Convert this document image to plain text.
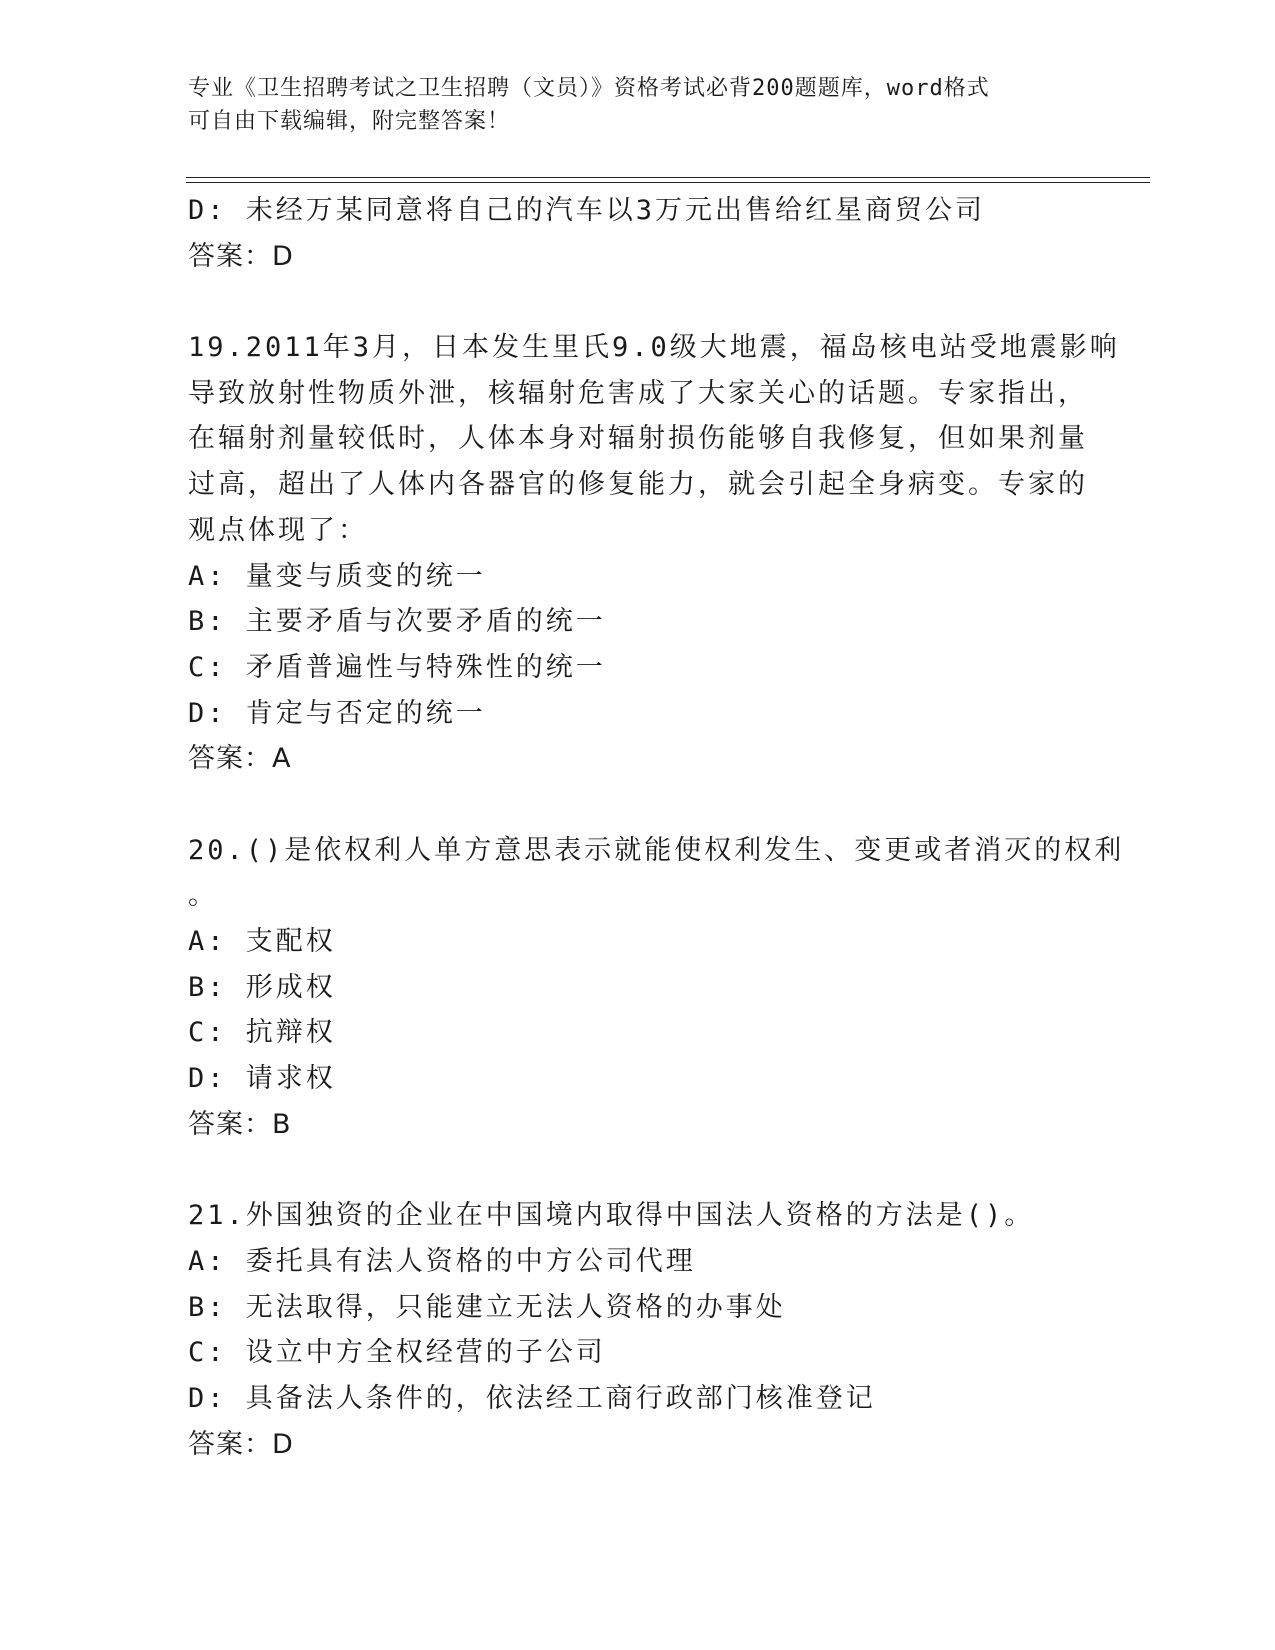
专业《卫生招聘考试之卫生招聘（文员）》资格考试必背200题题库，word格式
可自由下载编辑，附完整答案！
D: 未经万某同意将自己的汽车以3万元出售给红星商贸公司
答案：D
19.2011年3月，日本发生里氏9.0级大地震，福岛核电站受地震影响
导致放射性物质外泄，核辐射危害成了大家关心的话题。专家指出，
在辐射剂量较低时，人体本身对辐射损伤能够自我修复，但如果剂量
过高，超出了人体内各器官的修复能力，就会引起全身病变。专家的
观点体现了：
A: 量变与质变的统一
B: 主要矛盾与次要矛盾的统一
C: 矛盾普遍性与特殊性的统一
D: 肯定与否定的统一
答案：A
20.()是依权利人单方意思表示就能使权利发生、变更或者消灭的权利
。
A: 支配权
B: 形成权
C: 抗辩权
D: 请求权
答案：B
21.外国独资的企业在中国境内取得中国法人资格的方法是()。
A: 委托具有法人资格的中方公司代理
B: 无法取得，只能建立无法人资格的办事处
C: 设立中方全权经营的子公司
D: 具备法人条件的，依法经工商行政部门核准登记
答案：D
